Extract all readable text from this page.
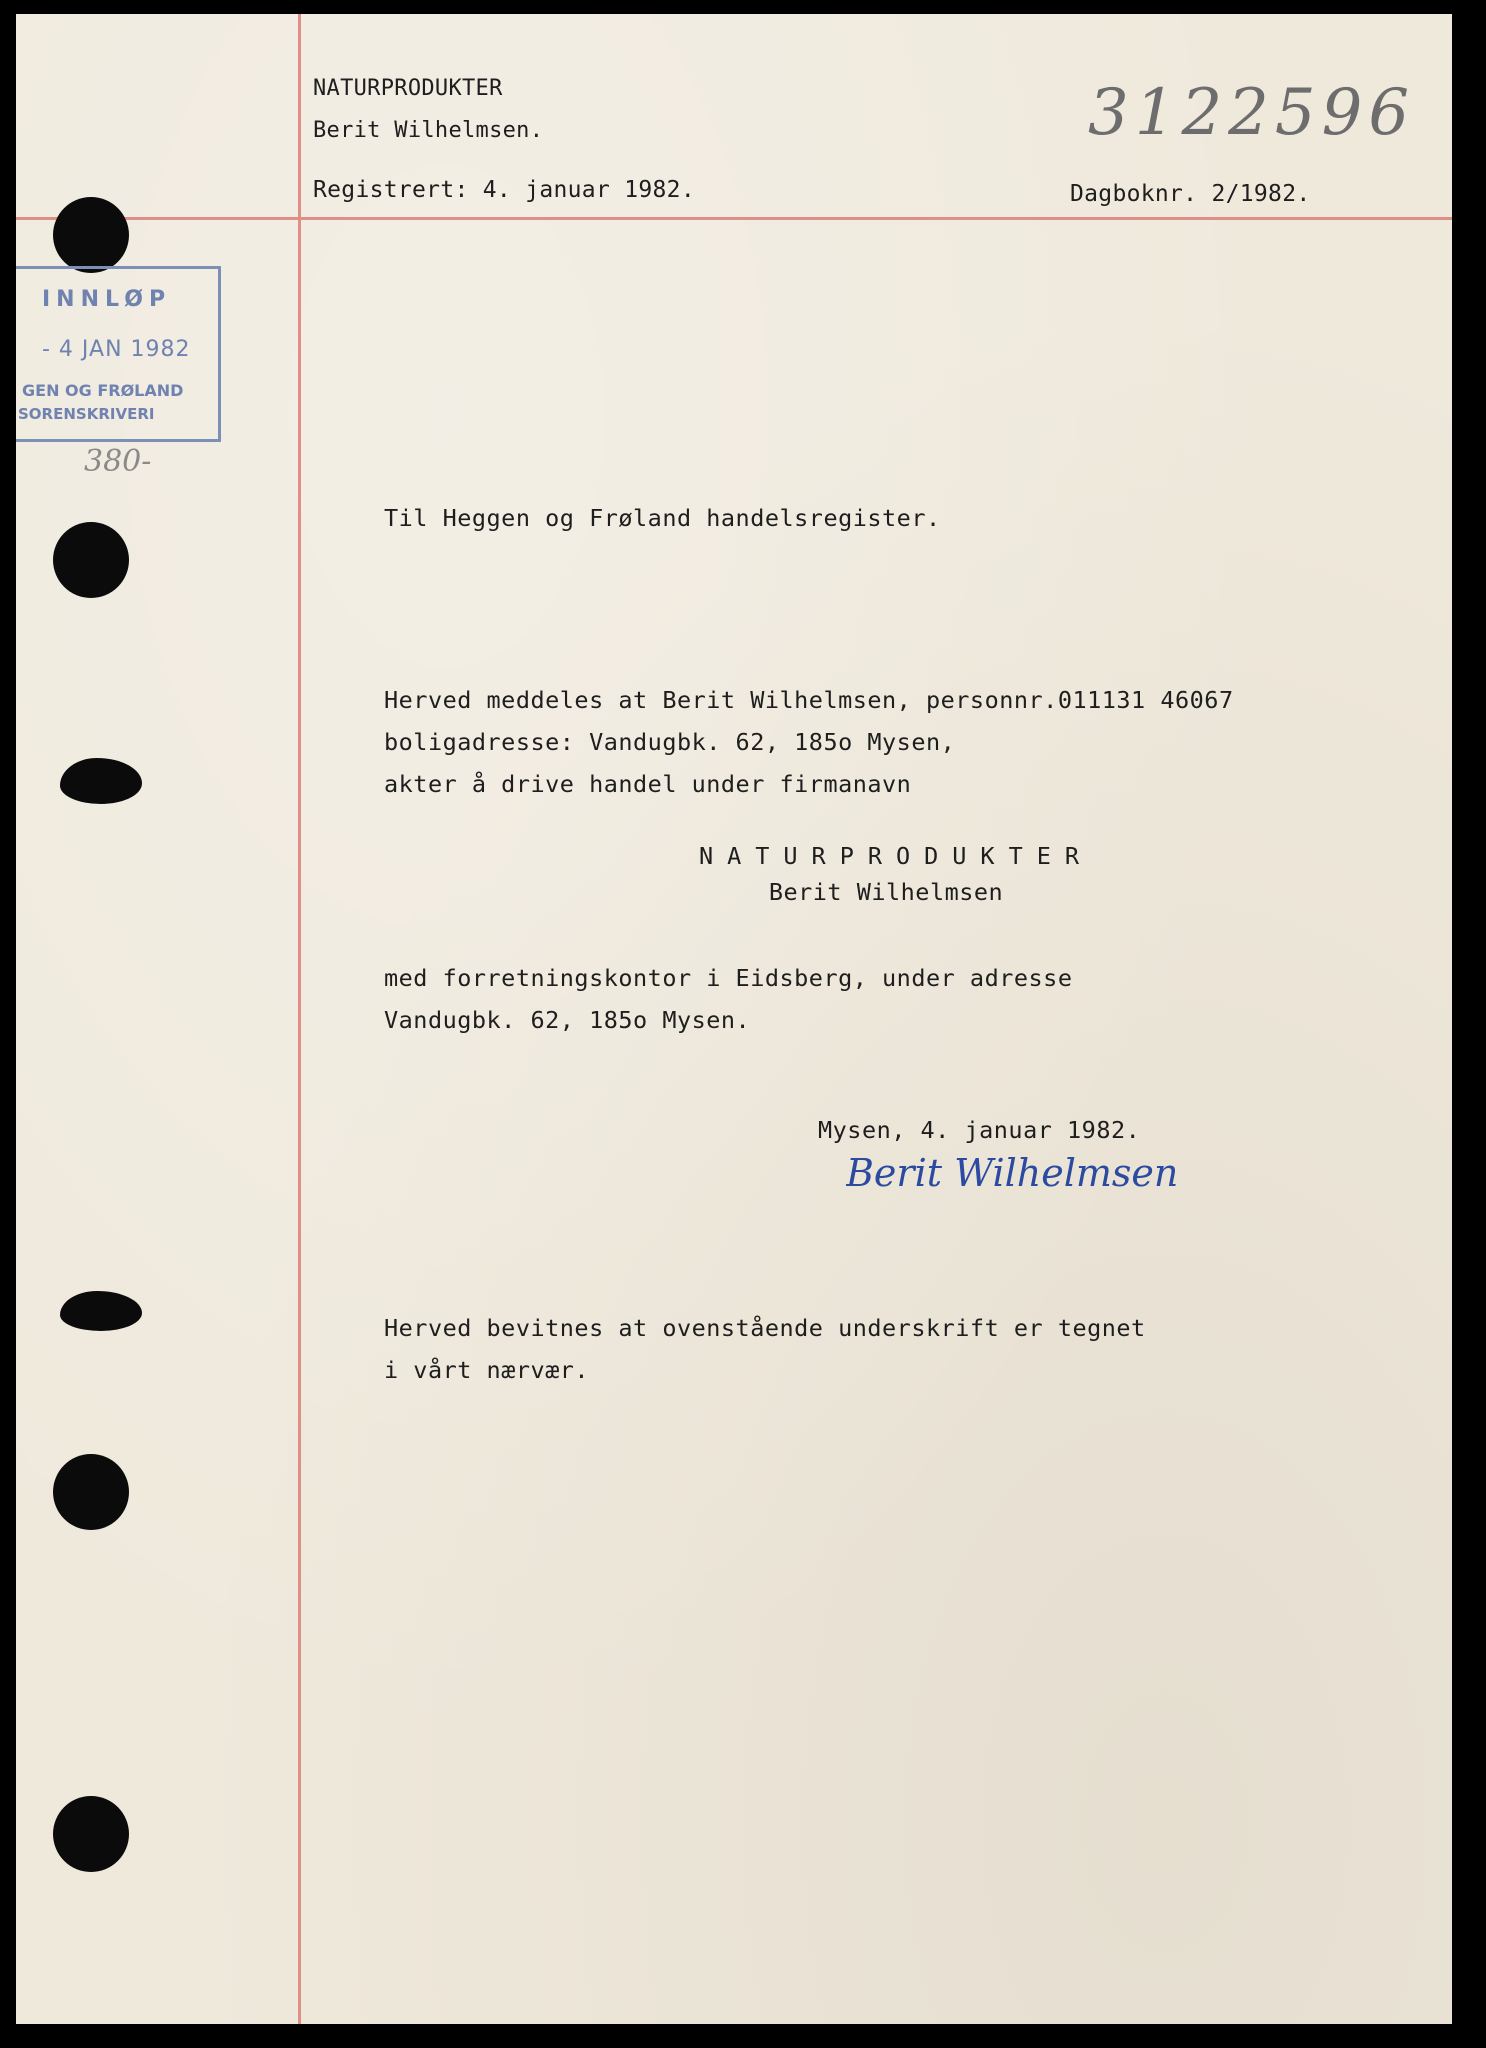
NATURPRODUKTER
Berit Wilhelmsen.
Registrert: 4. januar 1982.	Dagboknr. 2/1982.
3122596
INNLØP
- 4 JAN 1982
GEN OG FRØLAND
SORENSKRIVERI
380-
Til Heggen og Frøland handelsregister.
Herved meddeles at Berit Wilhelmsen, personnr.011131 46067
boligadresse: Vandugbk. 62, 185o Mysen,
akter å drive handel under firmanavn
NATURPRODUKTER
Berit Wilhelmsen
med forretningskontor i Eidsberg, under adresse
Vandugbk. 62, 185o Mysen.
Mysen, 4. januar 1982.
Berit Wilhelmsen
Herved bevitnes at ovenstående underskrift er tegnet
i vårt nærvær.
